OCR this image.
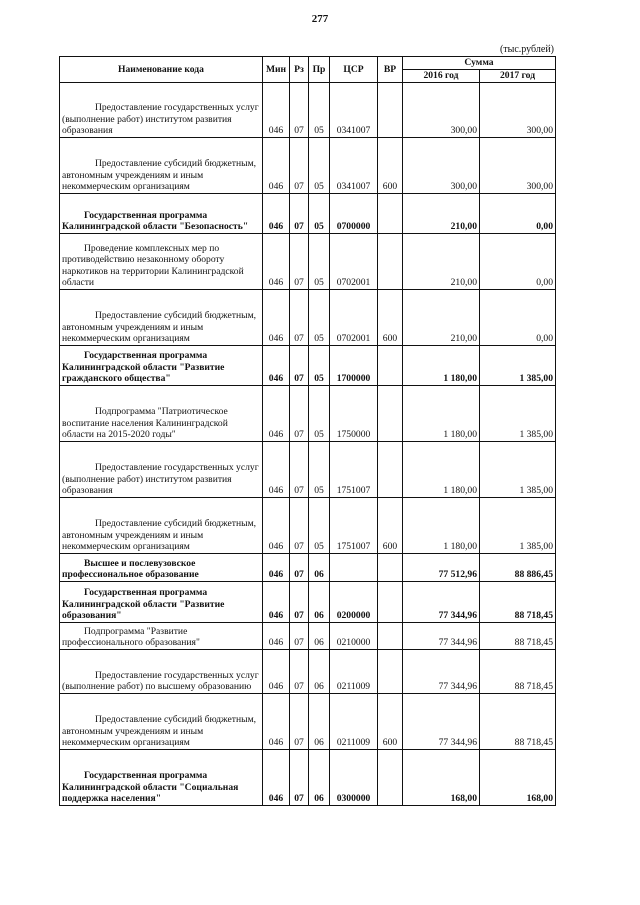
277
(тыс.рублей)
Наименование кода	Мин	Рз	Пр	ЦСР	ВР	Сумма	
						2016 год	2017 год
Предоставление государственных услуг (выполнение работ) институтом развития образования	046	07	05	0341007		300,00	300,00
Предоставление субсидий бюджетным, автономным учреждениям и иным некоммерческим организациям	046	07	05	0341007	600	300,00	300,00
Государственная программа Калининградской области "Безопасность"	046	07	05	0700000		210,00	0,00
Проведение комплексных мер по противодействию незаконному обороту наркотиков на территории Калининградской области	046	07	05	0702001		210,00	0,00
Предоставление субсидий бюджетным, автономным учреждениям и иным некоммерческим организациям	046	07	05	0702001	600	210,00	0,00
Государственная программа Калининградской области "Развитие гражданского общества"	046	07	05	1700000		1 180,00	1 385,00
Подпрограмма "Патриотическое воспитание населения Калининградской области на 2015-2020 годы"	046	07	05	1750000		1 180,00	1 385,00
Предоставление государственных услуг (выполнение работ) институтом развития образования	046	07	05	1751007		1 180,00	1 385,00
Предоставление субсидий бюджетным, автономным учреждениям и иным некоммерческим организациям	046	07	05	1751007	600	1 180,00	1 385,00
Высшее и послевузовское профессиональное образование	046	07	06			77 512,96	88 886,45
Государственная программа Калининградской области "Развитие образования"	046	07	06	0200000		77 344,96	88 718,45
Подпрограмма "Развитие профессионального образования"	046	07	06	0210000		77 344,96	88 718,45
Предоставление государственных услуг (выполнение работ) по высшему образованию	046	07	06	0211009		77 344,96	88 718,45
Предоставление субсидий бюджетным, автономным учреждениям и иным некоммерческим организациям	046	07	06	0211009	600	77 344,96	88 718,45
Государственная программа Калининградской области "Социальная поддержка населения"	046	07	06	0300000		168,00	168,00
